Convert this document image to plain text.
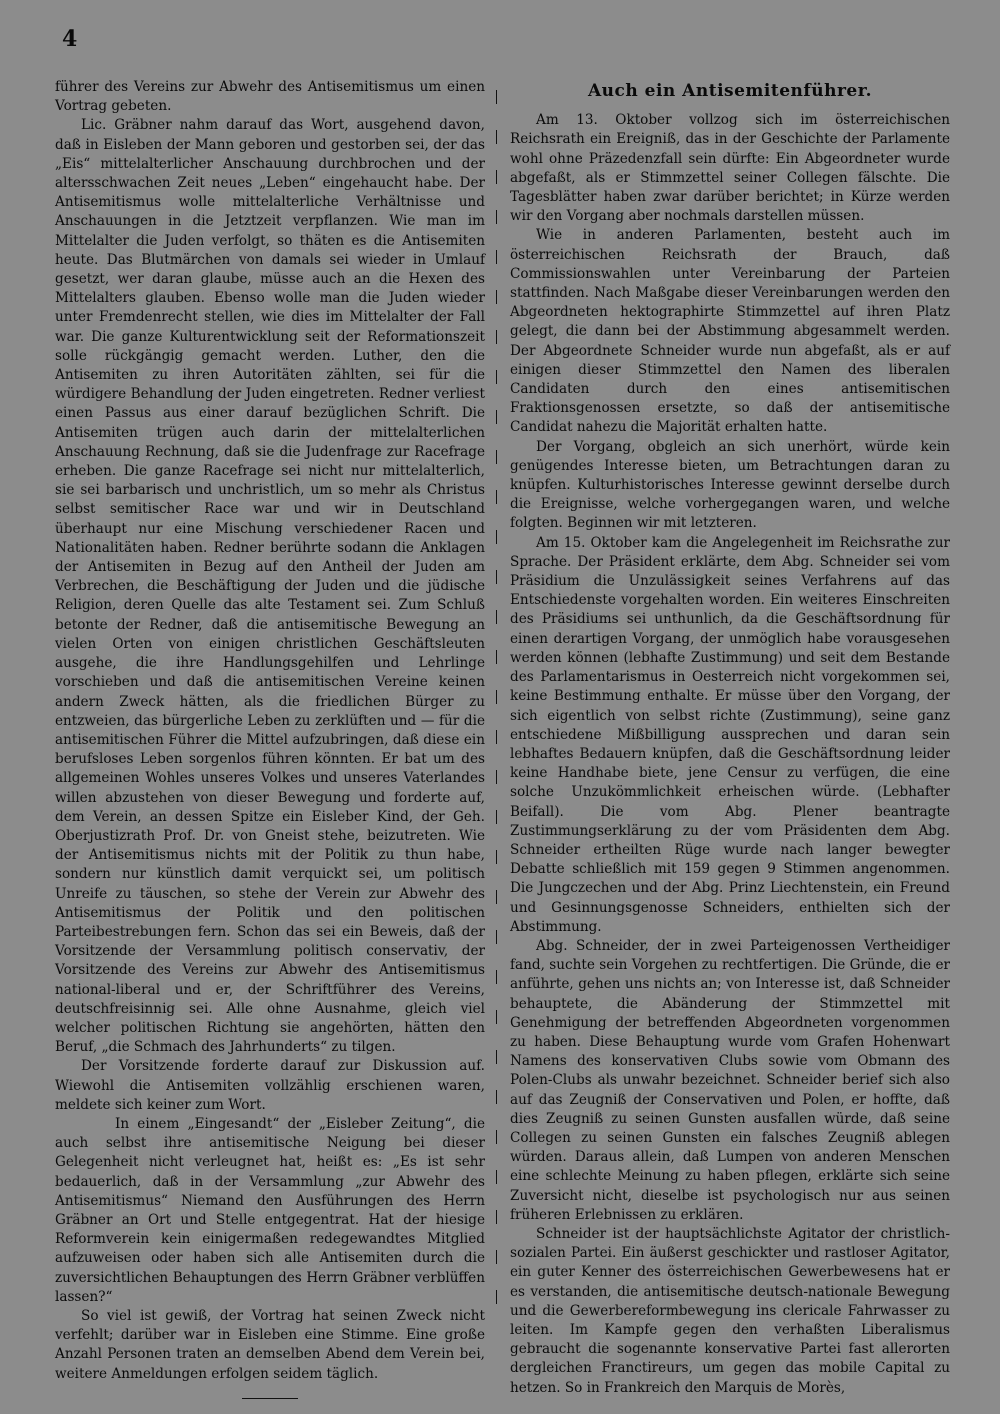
4

führer des Vereins zur Abwehr des Antisemitismus um einen Vortrag gebeten.

Lic. Gräbner nahm darauf das Wort, ausgehend davon, daß in Eisleben der Mann geboren und gestorben sei, der das „Eis“ mittelalterlicher Anschauung durchbrochen und der altersschwachen Zeit neues „Leben“ eingehaucht habe. Der Antisemitismus wolle mittelalterliche Verhältnisse und Anschauungen in die Jetztzeit verpflanzen. Wie man im Mittelalter die Juden verfolgt, so thäten es die Antisemiten heute. Das Blutmärchen von damals sei wieder in Umlauf gesetzt, wer daran glaube, müsse auch an die Hexen des Mittelalters glauben. Ebenso wolle man die Juden wieder unter Fremdenrecht stellen, wie dies im Mittelalter der Fall war. Die ganze Kulturentwicklung seit der Reformationszeit solle rückgängig gemacht werden. Luther, den die Antisemiten zu ihren Autoritäten zählten, sei für die würdigere Behandlung der Juden eingetreten. Redner verliest einen Passus aus einer darauf bezüglichen Schrift. Die Antisemiten trügen auch darin der mittelalterlichen Anschauung Rechnung, daß sie die Judenfrage zur Racefrage erheben. Die ganze Racefrage sei nicht nur mittelalterlich, sie sei barbarisch und unchristlich, um so mehr als Christus selbst semitischer Race war und wir in Deutschland überhaupt nur eine Mischung verschiedener Racen und Nationalitäten haben. Redner berührte sodann die Anklagen der Antisemiten in Bezug auf den Antheil der Juden am Verbrechen, die Beschäftigung der Juden und die jüdische Religion, deren Quelle das alte Testament sei. Zum Schluß betonte der Redner, daß die antisemitische Bewegung an vielen Orten von einigen christlichen Geschäftsleuten ausgehe, die ihre Handlungsgehilfen und Lehrlinge vorschieben und daß die antisemitischen Vereine keinen andern Zweck hätten, als die friedlichen Bürger zu entzweien, das bürgerliche Leben zu zerklüften und — für die antisemitischen Führer die Mittel aufzubringen, daß diese ein berufsloses Leben sorgenlos führen könnten. Er bat um des allgemeinen Wohles unseres Volkes und unseres Vaterlandes willen abzustehen von dieser Bewegung und forderte auf, dem Verein, an dessen Spitze ein Eisleber Kind, der Geh. Oberjustizrath Prof. Dr. von Gneist stehe, beizutreten. Wie der Antisemitismus nichts mit der Politik zu thun habe, sondern nur künstlich damit verquickt sei, um politisch Unreife zu täuschen, so stehe der Verein zur Abwehr des Antisemitismus der Politik und den politischen Parteibestrebungen fern. Schon das sei ein Beweis, daß der Vorsitzende der Versammlung politisch conservativ, der Vorsitzende des Vereins zur Abwehr des Antisemitismus national-liberal und er, der Schriftführer des Vereins, deutschfreisinnig sei. Alle ohne Ausnahme, gleich viel welcher politischen Richtung sie angehörten, hätten den Beruf, „die Schmach des Jahrhunderts“ zu tilgen.

Der Vorsitzende forderte darauf zur Diskussion auf. Wiewohl die Antisemiten vollzählig erschienen waren, meldete sich keiner zum Wort.

In einem „Eingesandt“ der „Eisleber Zeitung“, die auch selbst ihre antisemitische Neigung bei dieser Gelegenheit nicht verleugnet hat, heißt es: „Es ist sehr bedauerlich, daß in der Versammlung „zur Abwehr des Antisemitismus“ Niemand den Ausführungen des Herrn Gräbner an Ort und Stelle entgegentrat. Hat der hiesige Reformverein kein einigermaßen redegewandtes Mitglied aufzuweisen oder haben sich alle Antisemiten durch die zuversichtlichen Behauptungen des Herrn Gräbner verblüffen lassen?“

So viel ist gewiß, der Vortrag hat seinen Zweck nicht verfehlt; darüber war in Eisleben eine Stimme. Eine große Anzahl Personen traten an demselben Abend dem Verein bei, weitere Anmeldungen erfolgen seidem täglich.

Auch ein Antisemitenführer.

Am 13. Oktober vollzog sich im österreichischen Reichsrath ein Ereigniß, das in der Geschichte der Parlamente wohl ohne Präzedenzfall sein dürfte: Ein Abgeordneter wurde abgefaßt, als er Stimmzettel seiner Collegen fälschte. Die Tagesblätter haben zwar darüber berichtet; in Kürze werden wir den Vorgang aber nochmals darstellen müssen.

Wie in anderen Parlamenten, besteht auch im österreichischen Reichsrath der Brauch, daß Commissionswahlen unter Vereinbarung der Parteien stattfinden. Nach Maßgabe dieser Vereinbarungen werden den Abgeordneten hektographirte Stimmzettel auf ihren Platz gelegt, die dann bei der Abstimmung abgesammelt werden. Der Abgeordnete Schneider wurde nun abgefaßt, als er auf einigen dieser Stimmzettel den Namen des liberalen Candidaten durch den eines antisemitischen Fraktionsgenossen ersetzte, so daß der antisemitische Candidat nahezu die Majorität erhalten hatte.

Der Vorgang, obgleich an sich unerhört, würde kein genügendes Interesse bieten, um Betrachtungen daran zu knüpfen. Kulturhistorisches Interesse gewinnt derselbe durch die Ereignisse, welche vorhergegangen waren, und welche folgten. Beginnen wir mit letzteren.

Am 15. Oktober kam die Angelegenheit im Reichsrathe zur Sprache. Der Präsident erklärte, dem Abg. Schneider sei vom Präsidium die Unzulässigkeit seines Verfahrens auf das Entschiedenste vorgehalten worden. Ein weiteres Einschreiten des Präsidiums sei unthunlich, da die Geschäftsordnung für einen derartigen Vorgang, der unmöglich habe vorausgesehen werden können (lebhafte Zustimmung) und seit dem Bestande des Parlamentarismus in Oesterreich nicht vorgekommen sei, keine Bestimmung enthalte. Er müsse über den Vorgang, der sich eigentlich von selbst richte (Zustimmung), seine ganz entschiedene Mißbilligung aussprechen und daran sein lebhaftes Bedauern knüpfen, daß die Geschäftsordnung leider keine Handhabe biete, jene Censur zu verfügen, die eine solche Unzukömmlichkeit erheischen würde. (Lebhafter Beifall). Die vom Abg. Plener beantragte Zustimmungserklärung zu der vom Präsidenten dem Abg. Schneider ertheilten Rüge wurde nach langer bewegter Debatte schließlich mit 159 gegen 9 Stimmen angenommen. Die Jungczechen und der Abg. Prinz Liechtenstein, ein Freund und Gesinnungsgenosse Schneiders, enthielten sich der Abstimmung.

Abg. Schneider, der in zwei Parteigenossen Vertheidiger fand, suchte sein Vorgehen zu rechtfertigen. Die Gründe, die er anführte, gehen uns nichts an; von Interesse ist, daß Schneider behauptete, die Abänderung der Stimmzettel mit Genehmigung der betreffenden Abgeordneten vorgenommen zu haben. Diese Behauptung wurde vom Grafen Hohenwart Namens des konservativen Clubs sowie vom Obmann des Polen-Clubs als unwahr bezeichnet. Schneider berief sich also auf das Zeugniß der Conservativen und Polen, er hoffte, daß dies Zeugniß zu seinen Gunsten ausfallen würde, daß seine Collegen zu seinen Gunsten ein falsches Zeugniß ablegen würden. Daraus allein, daß Lumpen von anderen Menschen eine schlechte Meinung zu haben pflegen, erklärte sich seine Zuversicht nicht, dieselbe ist psychologisch nur aus seinen früheren Erlebnissen zu erklären.

Schneider ist der hauptsächlichste Agitator der christlich-sozialen Partei. Ein äußerst geschickter und rastloser Agitator, ein guter Kenner des österreichischen Gewerbewesens hat er es verstanden, die antisemitische deutsch-nationale Bewegung und die Gewerbereformbewegung ins clericale Fahrwasser zu leiten. Im Kampfe gegen den verhaßten Liberalismus gebraucht die sogenannte konservative Partei fast allerorten dergleichen Franctireurs, um gegen das mobile Capital zu hetzen. So in Frankreich den Marquis de Morès,
